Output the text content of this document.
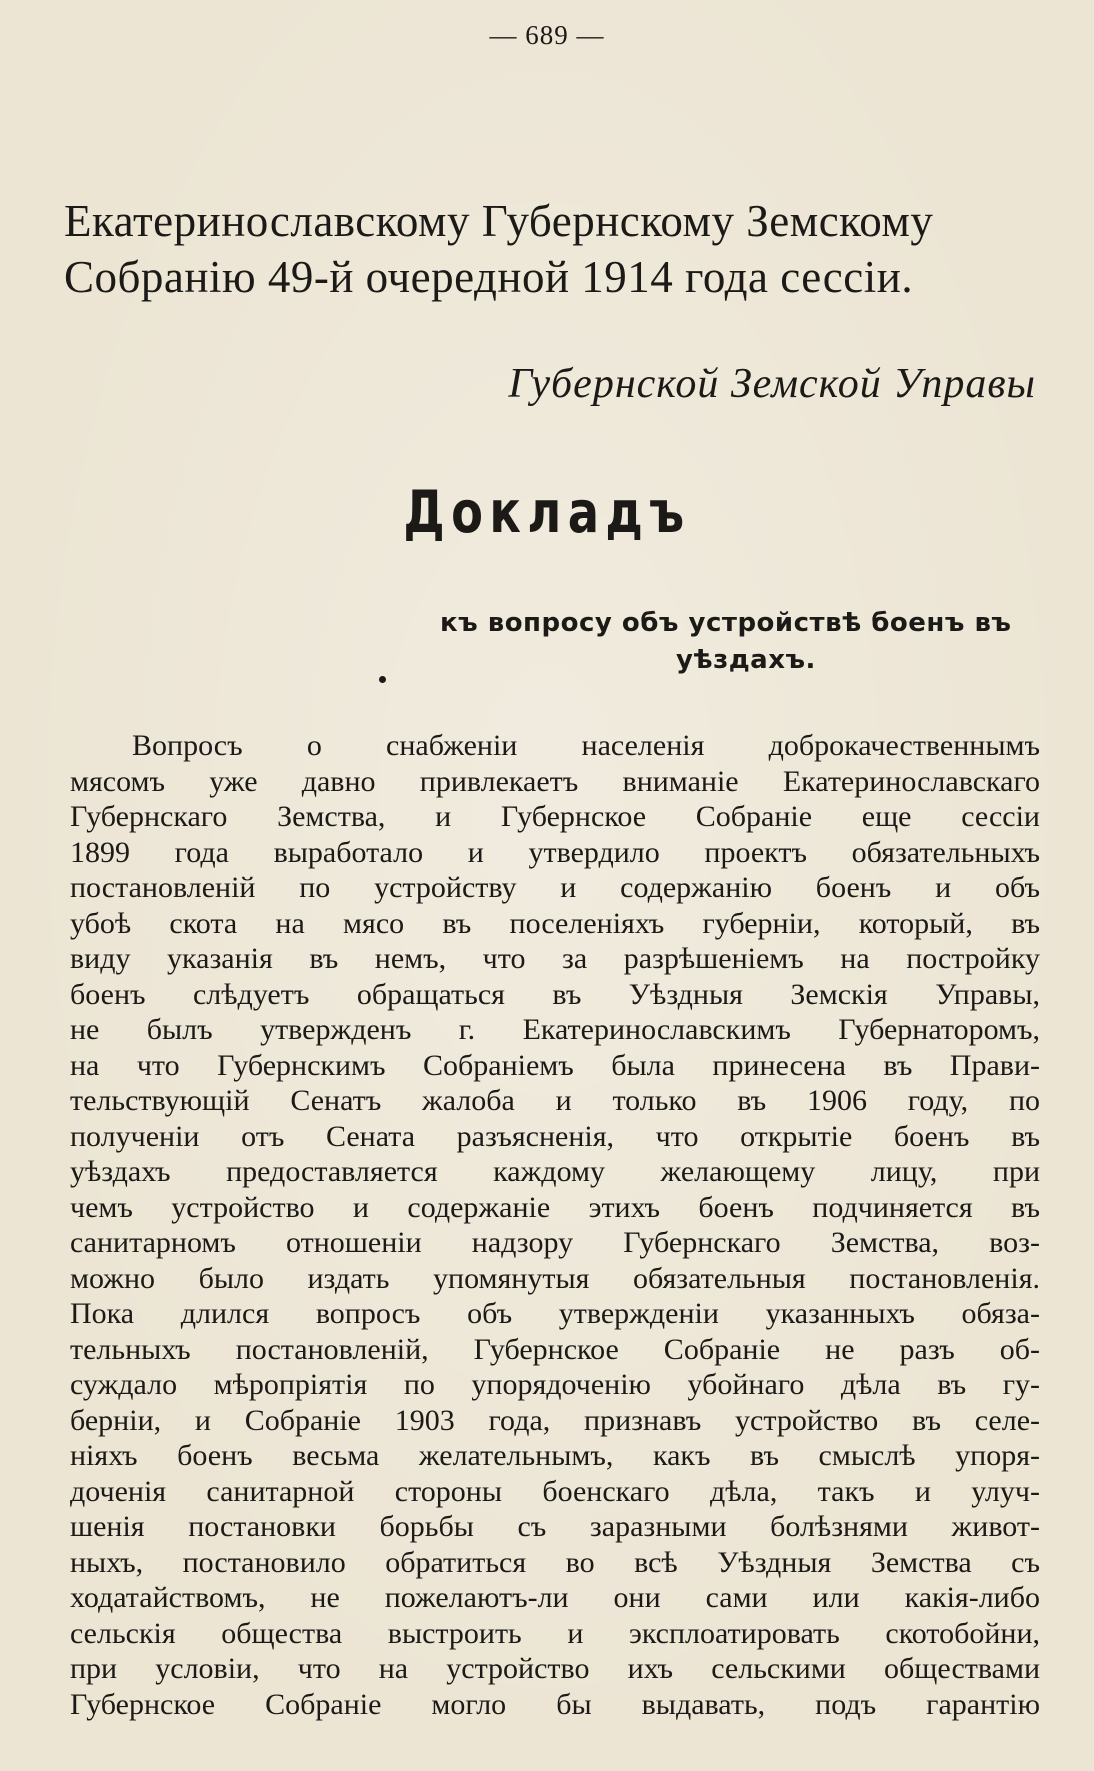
— 689 —
Екатеринославскому Губернскому Земскому
Собранію 49-й очередной 1914 года сессіи.
Губернской Земской Управы
Докладъ
къ вопросу объ устройствѣ боенъ въ
уѣздахъ.
Вопросъ о снабженіи населенія доброкачественнымъ
мясомъ уже давно привлекаетъ вниманіе Екатеринославскаго
Губернскаго Земства, и Губернское Собраніе еще сессіи
1899 года выработало и утвердило проектъ обязательныхъ
постановленій по устройству и содержанію боенъ и объ
убоѣ скота на мясо въ поселеніяхъ губерніи, который, въ
виду указанія въ немъ, что за разрѣшеніемъ на постройку
боенъ слѣдуетъ обращаться въ Уѣздныя Земскія Управы,
не былъ утвержденъ г. Екатеринославскимъ Губернаторомъ,
на что Губернскимъ Собраніемъ была принесена въ Прави-
тельствующій Сенатъ жалоба и только въ 1906 году, по
полученіи отъ Сената разъясненія, что открытіе боенъ въ
уѣздахъ предоставляется каждому желающему лицу, при
чемъ устройство и содержаніе этихъ боенъ подчиняется въ
санитарномъ отношеніи надзору Губернскаго Земства, воз-
можно было издать упомянутыя обязательныя постановленія.
Пока длился вопросъ объ утвержденіи указанныхъ обяза-
тельныхъ постановленій, Губернское Собраніе не разъ об-
суждало мѣропріятія по упорядоченію убойнаго дѣла въ гу-
берніи, и Собраніе 1903 года, признавъ устройство въ селе-
ніяхъ боенъ весьма желательнымъ, какъ въ смыслѣ упоря-
доченія санитарной стороны боенскаго дѣла, такъ и улуч-
шенія постановки борьбы съ заразными болѣзнями живот-
ныхъ, постановило обратиться во всѣ Уѣздныя Земства съ
ходатайствомъ, не пожелаютъ-ли они сами или какія-либо
сельскія общества выстроить и эксплоатировать скотобойни,
при условіи, что на устройство ихъ сельскими обществами
Губернское Собраніе могло бы выдавать, подъ гарантію
